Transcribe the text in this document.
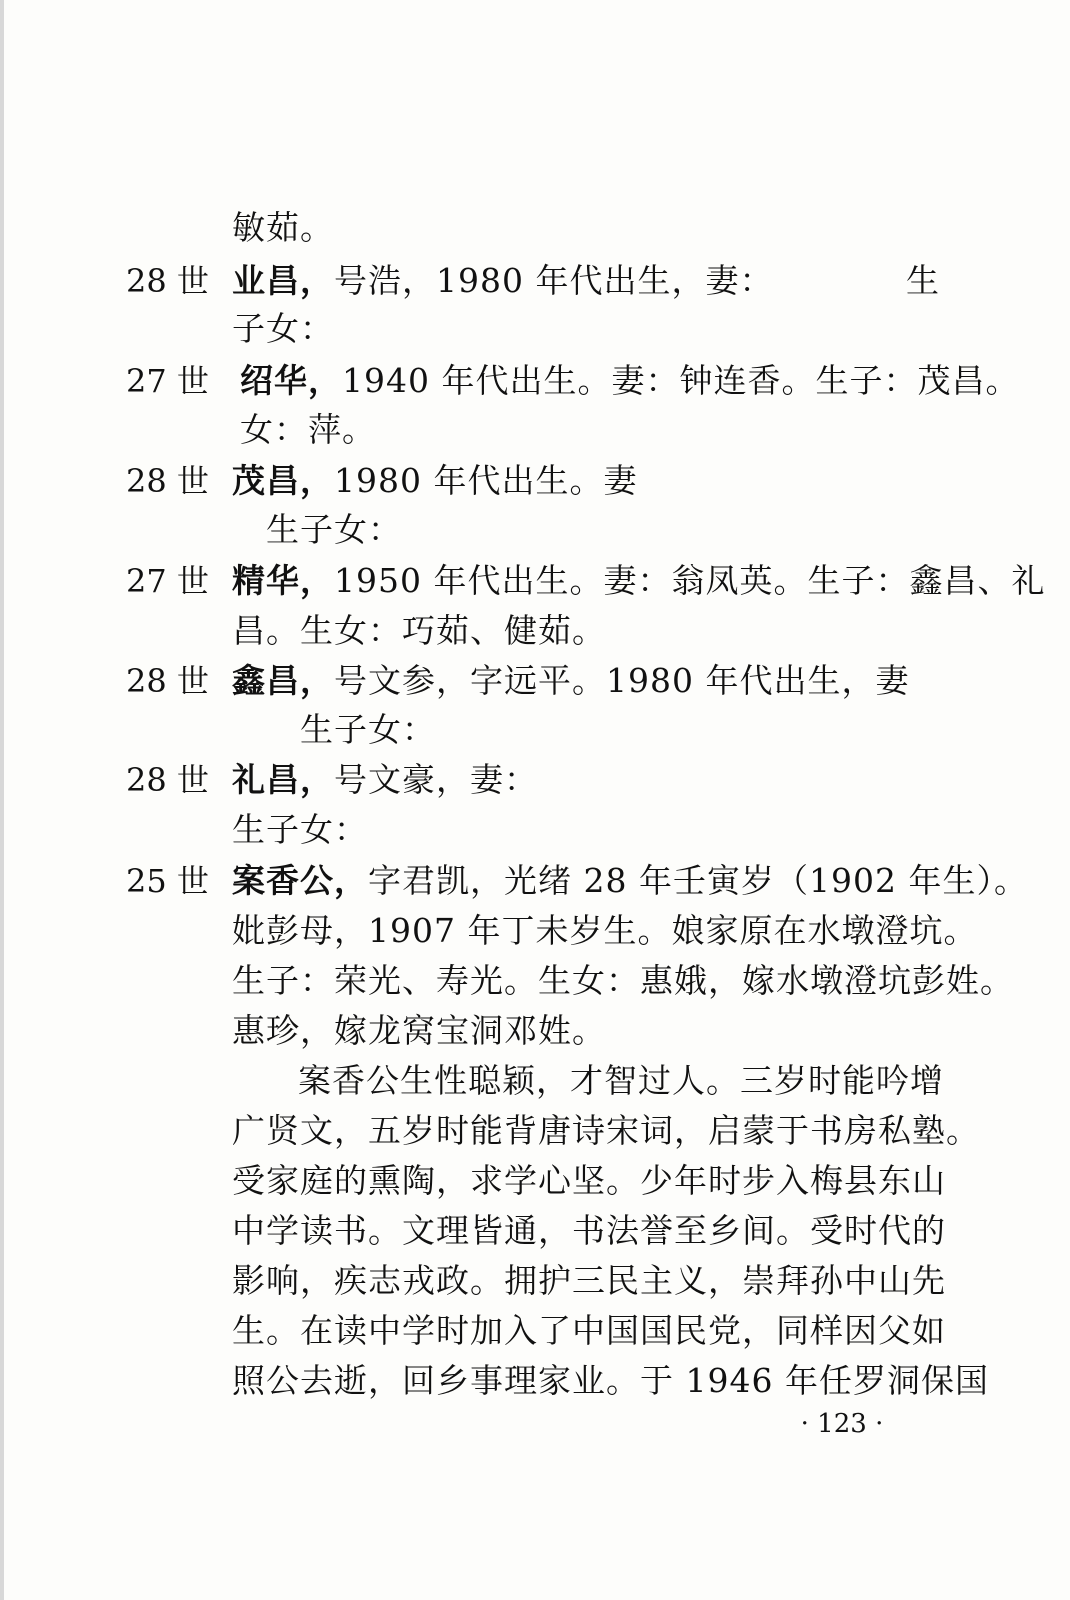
敏茹。
28 世 业昌，号浩，1980 年代出生，妻：	生
子女：
27 世 绍华，1940 年代出生。妻：钟连香。生子：茂昌。
女：萍。
28 世 茂昌，1980 年代出生。妻
生子女：
27 世 精华，1950 年代出生。妻：翁凤英。生子：鑫昌、礼
昌。生女：巧茹、健茹。
28 世 鑫昌，号文参，字远平。1980 年代出生，妻
生子女：
28 世 礼昌，号文豪，妻：
生子女：
25 世 案香公，字君凯，光绪 28 年壬寅岁（1902 年生）。
妣彭母，1907 年丁未岁生。娘家原在水墩澄坑。
生子：荣光、寿光。生女：惠娥，嫁水墩澄坑彭姓。
惠珍，嫁龙窝宝洞邓姓。
案香公生性聪颖，才智过人。三岁时能吟增
广贤文，五岁时能背唐诗宋词，启蒙于书房私塾。
受家庭的熏陶，求学心坚。少年时步入梅县东山
中学读书。文理皆通，书法誉至乡间。受时代的
影响，疾志戎政。拥护三民主义，崇拜孙中山先
生。在读中学时加入了中国国民党，同样因父如
照公去逝，回乡事理家业。于 1946 年任罗洞保国
· 123 ·
